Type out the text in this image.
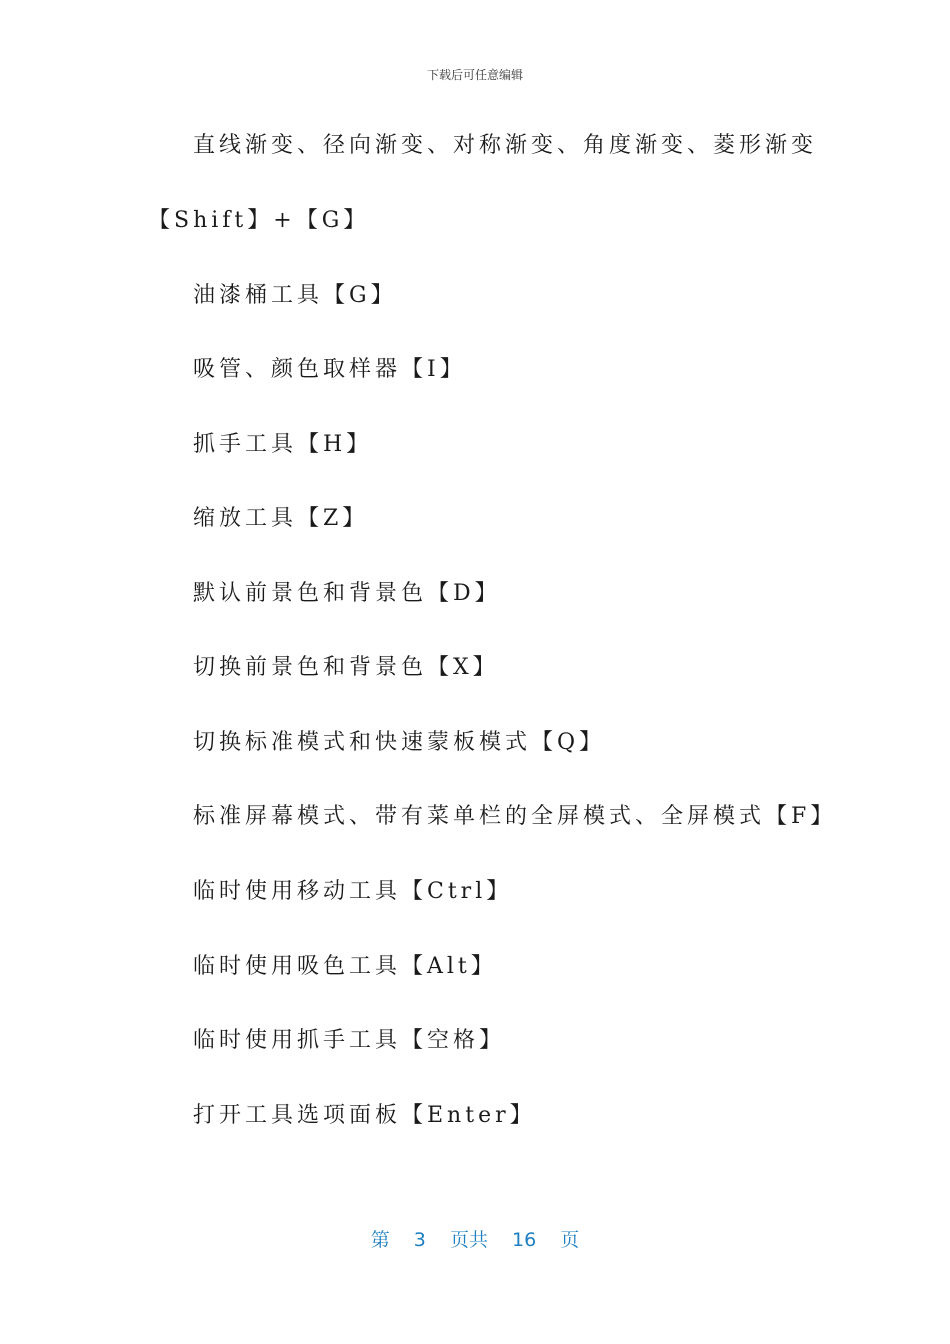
下载后可任意编辑
直线渐变、径向渐变、对称渐变、角度渐变、菱形渐变
【Shift】+【G】
油漆桶工具【G】
吸管、颜色取样器【I】
抓手工具【H】
缩放工具【Z】
默认前景色和背景色【D】
切换前景色和背景色【X】
切换标准模式和快速蒙板模式【Q】
标准屏幕模式、带有菜单栏的全屏模式、全屏模式【F】
临时使用移动工具【Ctrl】
临时使用吸色工具【Alt】
临时使用抓手工具【空格】
打开工具选项面板【Enter】
第 3 页共 16 页
